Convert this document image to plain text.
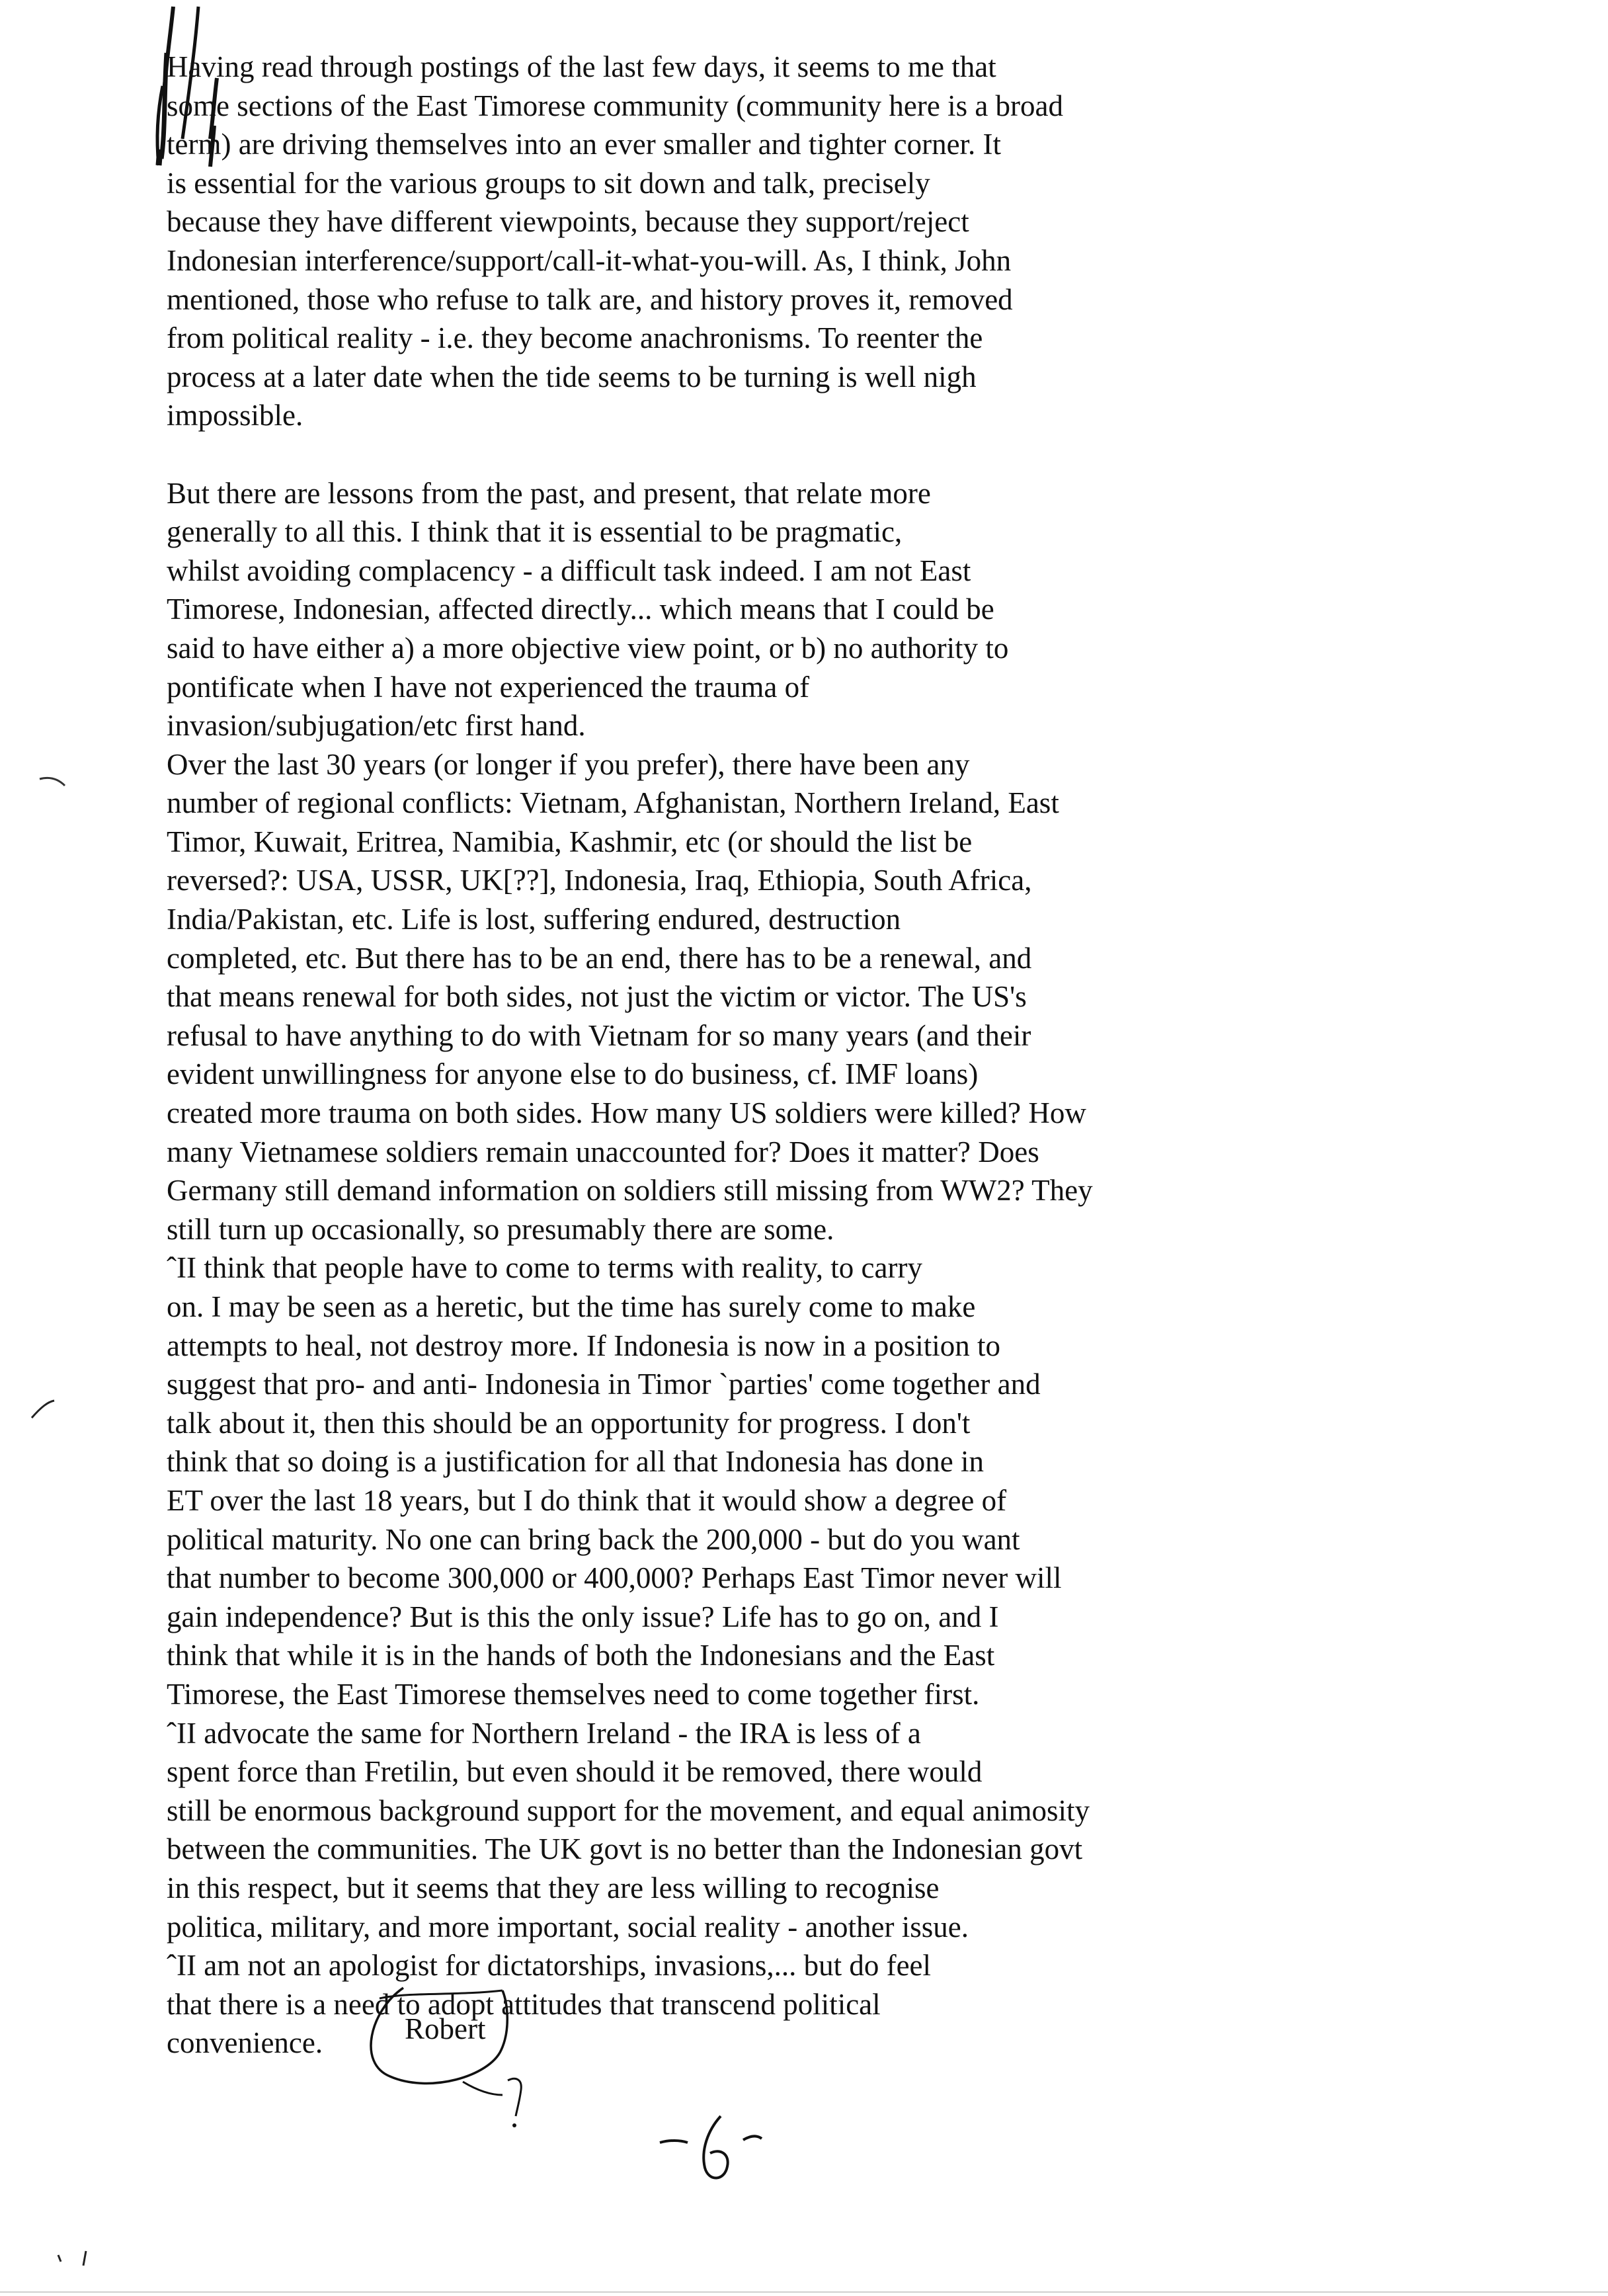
Having read through postings of the last few days, it seems to me that
some sections of the East Timorese community (community here is a broad
term) are driving themselves into an ever smaller and tighter corner. It
is essential for the various groups to sit down and talk, precisely
because they have different viewpoints, because they support/reject
Indonesian interference/support/call-it-what-you-will. As, I think, John
mentioned, those who refuse to talk are, and history proves it, removed
from political reality - i.e. they become anachronisms. To reenter the
process at a later date when the tide seems to be turning is well nigh
impossible.
But there are lessons from the past, and present, that relate more
generally to all this. I think that it is essential to be pragmatic,
whilst avoiding complacency - a difficult task indeed. I am not East
Timorese, Indonesian, affected directly... which means that I could be
said to have either a) a more objective view point, or b) no authority to
pontificate when I have not experienced the trauma of
invasion/subjugation/etc first hand.
Over the last 30 years (or longer if you prefer), there have been any
number of regional conflicts: Vietnam, Afghanistan, Northern Ireland, East
Timor, Kuwait, Eritrea, Namibia, Kashmir, etc (or should the list be
reversed?: USA, USSR, UK[??], Indonesia, Iraq, Ethiopia, South Africa,
India/Pakistan, etc. Life is lost, suffering endured, destruction
completed, etc. But there has to be an end, there has to be a renewal, and
that means renewal for both sides, not just the victim or victor. The US's
refusal to have anything to do with Vietnam for so many years (and their
evident unwillingness for anyone else to do business, cf. IMF loans)
created more trauma on both sides. How many US soldiers were killed? How
many Vietnamese soldiers remain unaccounted for? Does it matter? Does
Germany still demand information on soldiers still missing from WW2? They
still turn up occasionally, so presumably there are some.
ˆII think that people have to come to terms with reality, to carry
on. I may be seen as a heretic, but the time has surely come to make
attempts to heal, not destroy more. If Indonesia is now in a position to
suggest that pro- and anti- Indonesia in Timor `parties' come together and
talk about it, then this should be an opportunity for progress. I don't
think that so doing is a justification for all that Indonesia has done in
ET over the last 18 years, but I do think that it would show a degree of
political maturity. No one can bring back the 200,000 - but do you want
that number to become 300,000 or 400,000? Perhaps East Timor never will
gain independence? But is this the only issue? Life has to go on, and I
think that while it is in the hands of both the Indonesians and the East
Timorese, the East Timorese themselves need to come together first.
ˆII advocate the same for Northern Ireland - the IRA is less of a
spent force than Fretilin, but even should it be removed, there would
still be enormous background support for the movement, and equal animosity
between the communities. The UK govt is no better than the Indonesian govt
in this respect, but it seems that they are less willing to recognise
politica, military, and more important, social reality - another issue.
ˆII am not an apologist for dictatorships, invasions,... but do feel
that there is a need to adopt attitudes that transcend political
convenience.	Robert
